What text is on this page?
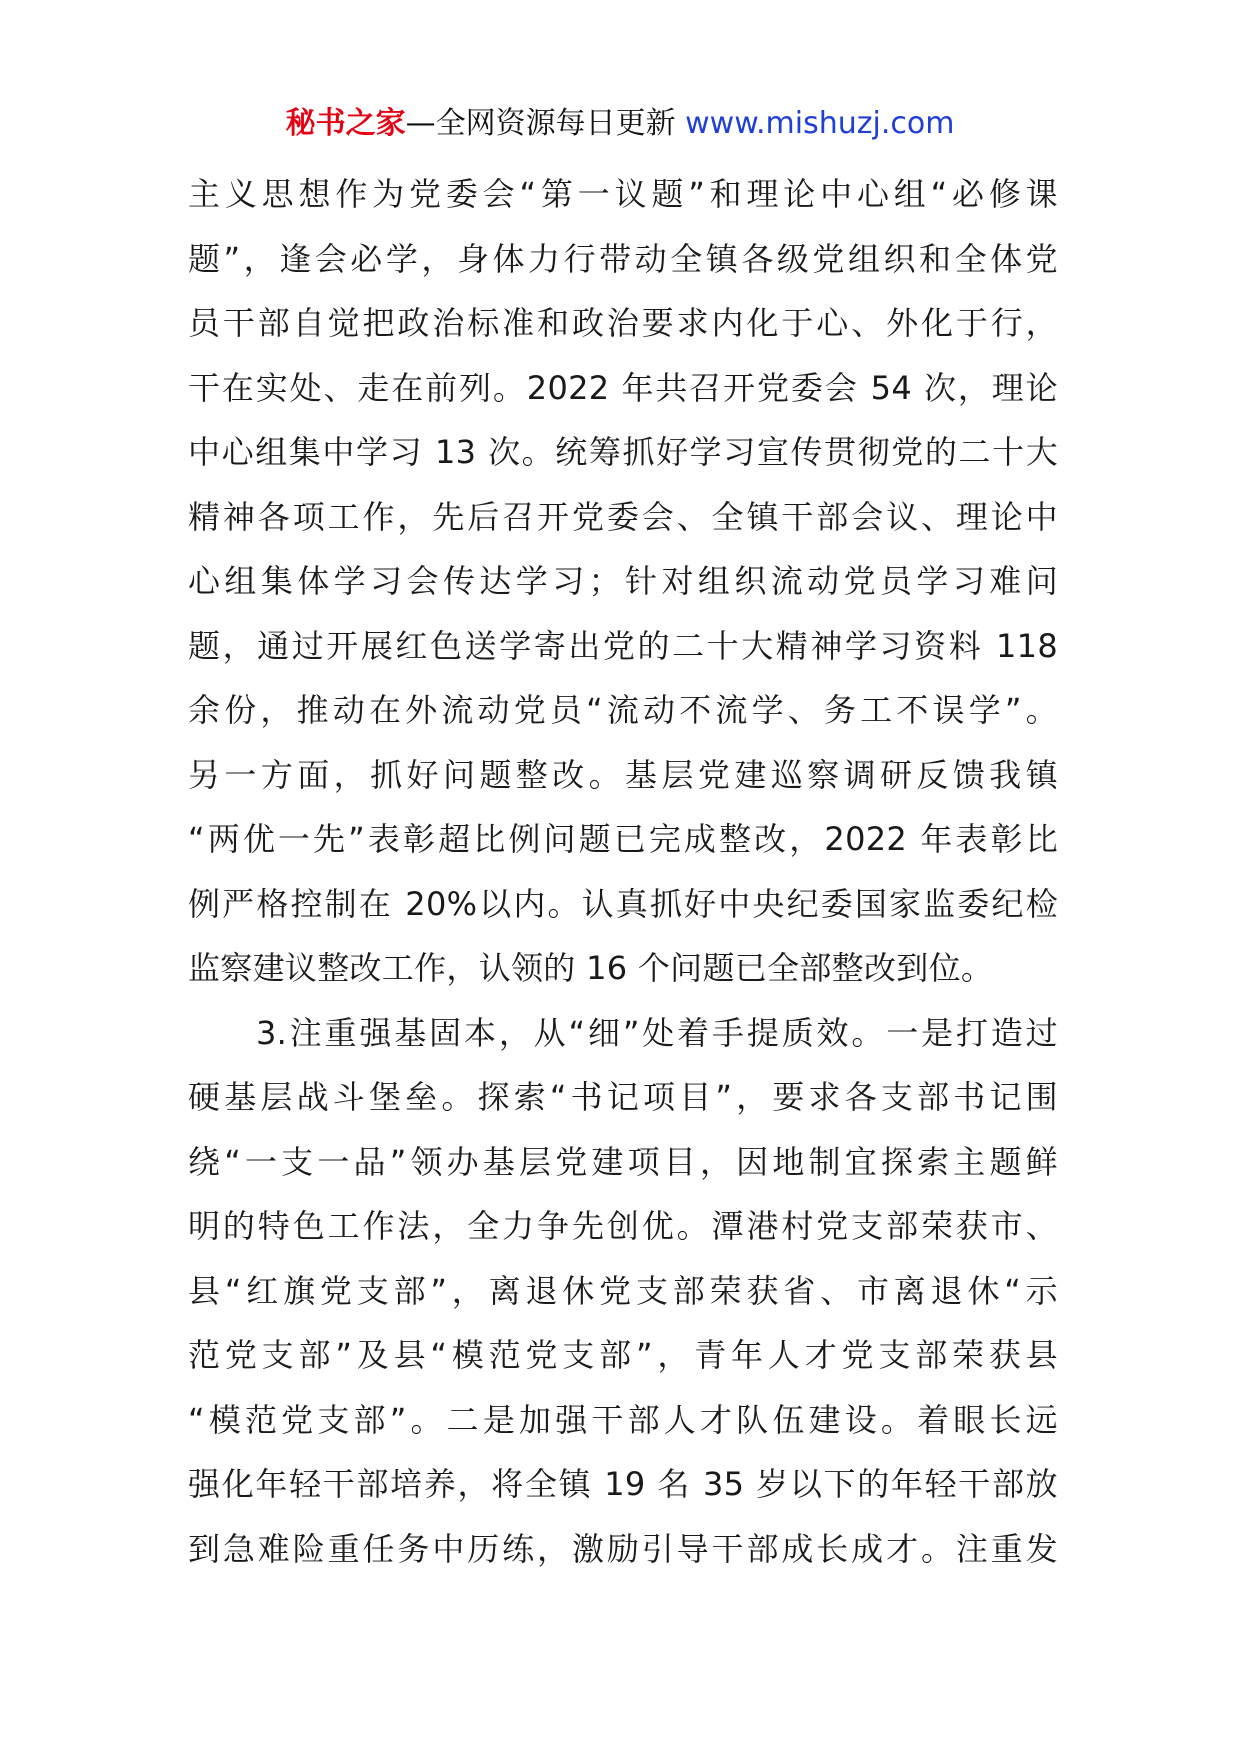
秘书之家—全网资源每日更新 www.mishuzj.com
主义思想作为党委会“第一议题”和理论中心组“必修课
题”，逢会必学，身体力行带动全镇各级党组织和全体党
员干部自觉把政治标准和政治要求内化于心、外化于行，
干在实处、走在前列。2022 年共召开党委会 54 次，理论
中心组集中学习 13 次。统筹抓好学习宣传贯彻党的二十大
精神各项工作，先后召开党委会、全镇干部会议、理论中
心组集体学习会传达学习；针对组织流动党员学习难问
题，通过开展红色送学寄出党的二十大精神学习资料 118
余份，推动在外流动党员“流动不流学、务工不误学”。
另一方面，抓好问题整改。基层党建巡察调研反馈我镇
“两优一先”表彰超比例问题已完成整改，2022 年表彰比
例严格控制在 20%以内。认真抓好中央纪委国家监委纪检
监察建议整改工作，认领的 16 个问题已全部整改到位。
3.注重强基固本，从“细”处着手提质效。一是打造过
硬基层战斗堡垒。探索“书记项目”，要求各支部书记围
绕“一支一品”领办基层党建项目，因地制宜探索主题鲜
明的特色工作法，全力争先创优。潭港村党支部荣获市、
县“红旗党支部”，离退休党支部荣获省、市离退休“示
范党支部”及县“模范党支部”，青年人才党支部荣获县
“模范党支部”。二是加强干部人才队伍建设。着眼长远
强化年轻干部培养，将全镇 19 名 35 岁以下的年轻干部放
到急难险重任务中历练，激励引导干部成长成才。注重发
